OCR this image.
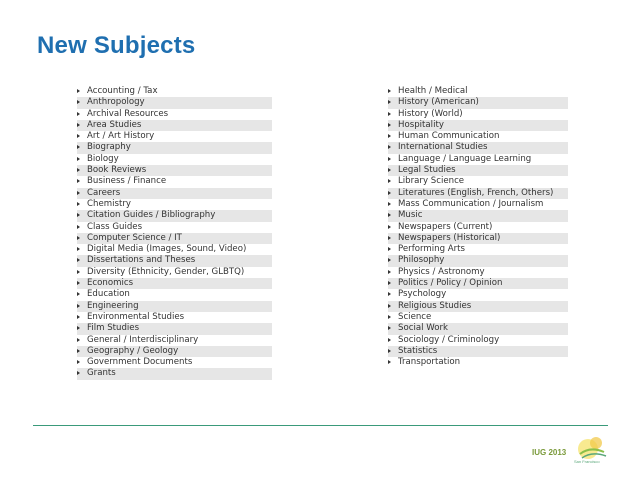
New Subjects
Accounting / Tax
Anthropology
Archival Resources
Area Studies
Art / Art History
Biography
Biology
Book Reviews
Business / Finance
Careers
Chemistry
Citation Guides / Bibliography
Class Guides
Computer Science / IT
Digital Media (Images, Sound, Video)
Dissertations and Theses
Diversity (Ethnicity, Gender, GLBTQ)
Economics
Education
Engineering
Environmental Studies
Film Studies
General / Interdisciplinary
Geography / Geology
Government Documents
Grants
Health / Medical
History (American)
History (World)
Hospitality
Human Communication
International Studies
Language / Language Learning
Legal Studies
Library Science
Literatures (English, French, Others)
Mass Communication / Journalism
Music
Newspapers (Current)
Newspapers (Historical)
Performing Arts
Philosophy
Physics / Astronomy
Politics / Policy / Opinion
Psychology
Religious Studies
Science
Social Work
Sociology / Criminology
Statistics
Transportation
IUG 2013
San Francisco
